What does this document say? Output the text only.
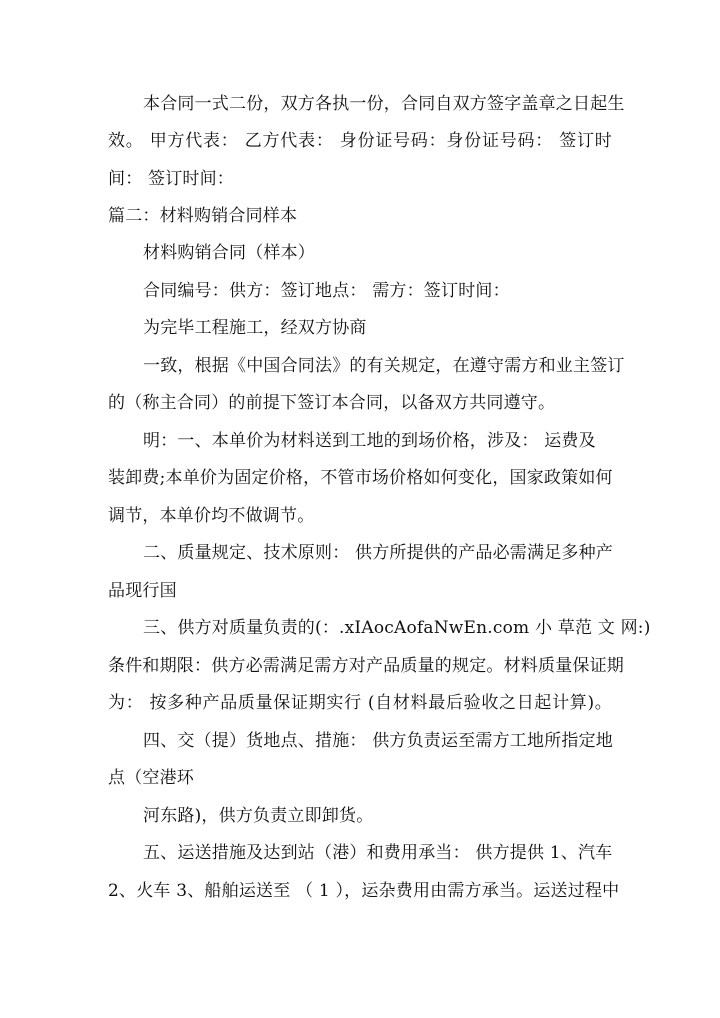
本合同一式二份，双方各执一份，合同自双方签字盖章之日起生
效。 甲方代表： 乙方代表： 身份证号码：身份证号码： 签订时
间： 签订时间：
篇二：材料购销合同样本
材料购销合同（样本）
合同编号：供方：签订地点： 需方：签订时间：
为完毕工程施工，经双方协商
一致，根据《中国合同法》的有关规定，在遵守需方和业主签订
的（称主合同）的前提下签订本合同，以备双方共同遵守。
明：一、本单价为材料送到工地的到场价格，涉及： 运费及
装卸费;本单价为固定价格，不管市场价格如何变化，国家政策如何
调节，本单价均不做调节。
二、质量规定、技术原则： 供方所提供的产品必需满足多种产
品现行国
三、供方对质量负责的(：.xIAocAofaNwEn.com 小 草范 文 网:)
条件和期限：供方必需满足需方对产品质量的规定。材料质量保证期
为： 按多种产品质量保证期实行 (自材料最后验收之日起计算)。
四、交（提）货地点、措施： 供方负责运至需方工地所指定地
点（空港环
河东路)，供方负责立即卸货。
五、运送措施及达到站（港）和费用承当： 供方提供 1、汽车
2、火车 3、船舶运送至 （ 1 ），运杂费用由需方承当。运送过程中
